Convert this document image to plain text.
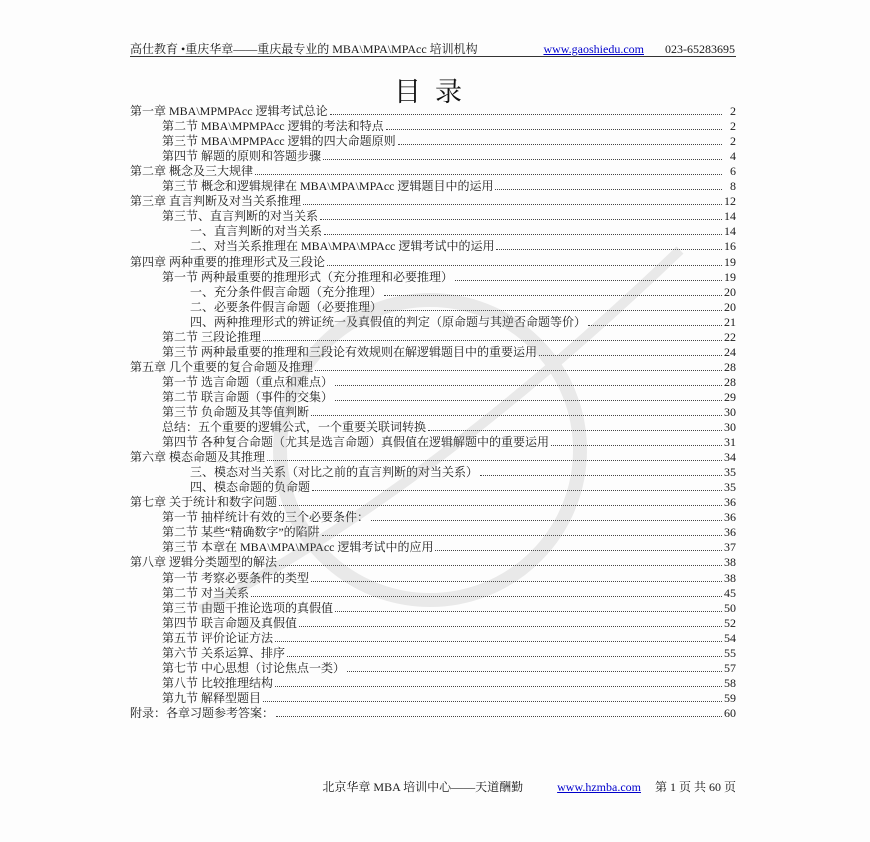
高仕教育 •重庆华章——重庆最专业的 MBA\MPA\MPAcc 培训机构	www.gaoshiedu.com 023-65283695
目录
第一章 MBA\MPMPAcc 逻辑考试总论	2
第二节 MBA\MPMPAcc 逻辑的考法和特点	2
第三节 MBA\MPMPAcc 逻辑的四大命题原则	2
第四节 解题的原则和答题步骤	4
第二章 概念及三大规律	6
第三节 概念和逻辑规律在 MBA\MPA\MPAcc 逻辑题目中的运用	8
第三章 直言判断及对当关系推理	12
第三节、直言判断的对当关系	14
一、直言判断的对当关系	14
二、对当关系推理在 MBA\MPA\MPAcc 逻辑考试中的运用	16
第四章 两种重要的推理形式及三段论	19
第一节 两种最重要的推理形式（充分推理和必要推理）	19
一、充分条件假言命题（充分推理）	20
二、必要条件假言命题（必要推理）	20
四、两种推理形式的辨证统一及真假值的判定（原命题与其逆否命题等价）	21
第二节 三段论推理	22
第三节 两种最重要的推理和三段论有效规则在解逻辑题目中的重要运用	24
第五章 几个重要的复合命题及推理	28
第一节 选言命题（重点和难点）	28
第二节 联言命题（事件的交集）	29
第三节 负命题及其等值判断	30
总结：五个重要的逻辑公式，一个重要关联词转换	30
第四节 各种复合命题（尤其是选言命题）真假值在逻辑解题中的重要运用	31
第六章 模态命题及其推理	34
三、模态对当关系（对比之前的直言判断的对当关系）	35
四、模态命题的负命题	35
第七章 关于统计和数字问题	36
第一节 抽样统计有效的三个必要条件：	36
第二节 某些“精确数字”的陷阱	36
第三节 本章在 MBA\MPA\MPAcc 逻辑考试中的应用	37
第八章 逻辑分类题型的解法	38
第一节 考察必要条件的类型	38
第二节 对当关系	45
第三节 由题干推论选项的真假值	50
第四节 联言命题及真假值	52
第五节 评价论证方法	54
第六节 关系运算、排序	55
第七节 中心思想（讨论焦点一类）	57
第八节 比较推理结构	58
第九节 解释型题目	59
附录：各章习题参考答案：	60
北京华章 MBA 培训中心——天道酬勤	www.hzmba.com 第 1 页 共 60 页
